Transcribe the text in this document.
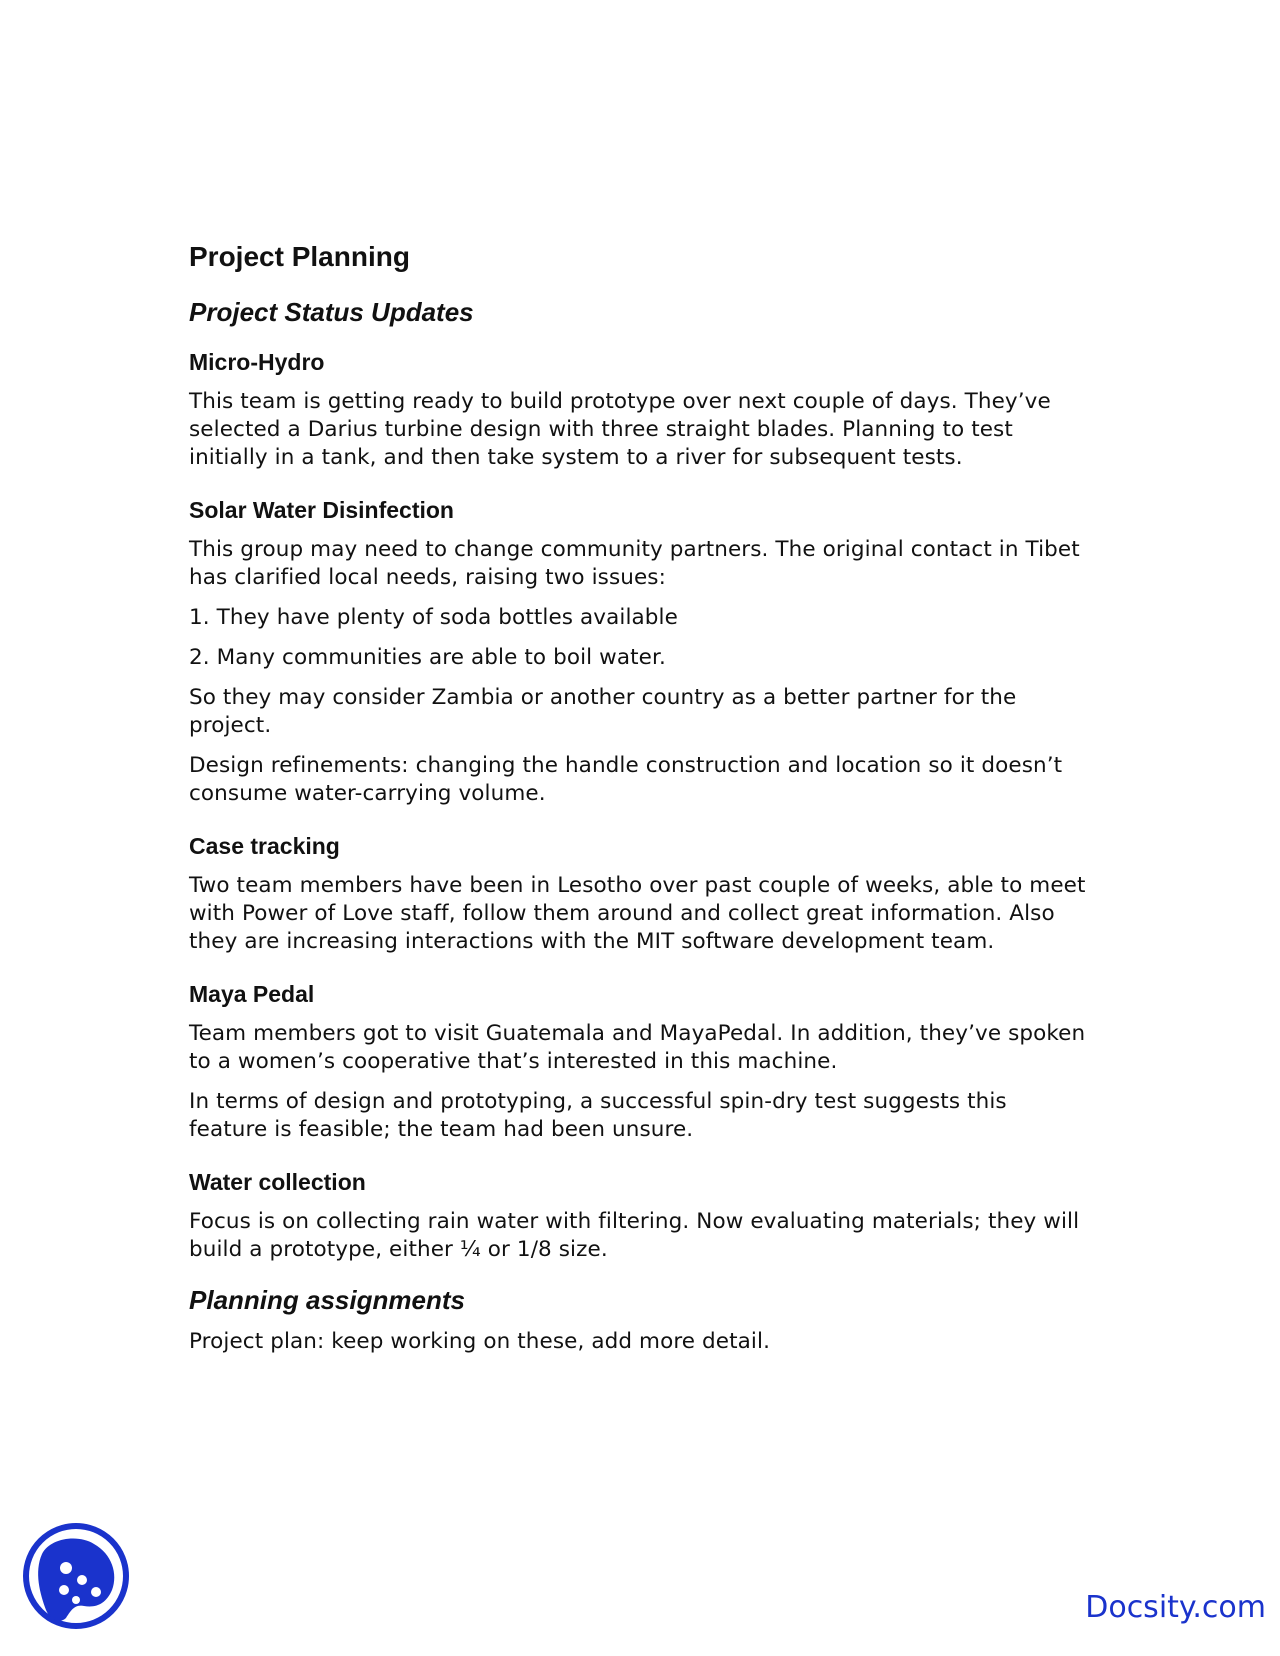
Project Planning
Project Status Updates
Micro-Hydro
This team is getting ready to build prototype over next couple of days. They’ve selected a Darius turbine design with three straight blades. Planning to test initially in a tank, and then take system to a river for subsequent tests.
Solar Water Disinfection
This group may need to change community partners. The original contact in Tibet has clarified local needs, raising two issues:
1. They have plenty of soda bottles available
2. Many communities are able to boil water.
So they may consider Zambia or another country as a better partner for the project.
Design refinements: changing the handle construction and location so it doesn’t consume water-carrying volume.
Case tracking
Two team members have been in Lesotho over past couple of weeks, able to meet with Power of Love staff, follow them around and collect great information. Also they are increasing interactions with the MIT software development team.
Maya Pedal
Team members got to visit Guatemala and MayaPedal. In addition, they’ve spoken to a women’s cooperative that’s interested in this machine.
In terms of design and prototyping, a successful spin-dry test suggests this feature is feasible; the team had been unsure.
Water collection
Focus is on collecting rain water with filtering. Now evaluating materials; they will build a prototype, either ¼ or 1/8 size.
Planning assignments
Project plan: keep working on these, add more detail.
Docsity.com
